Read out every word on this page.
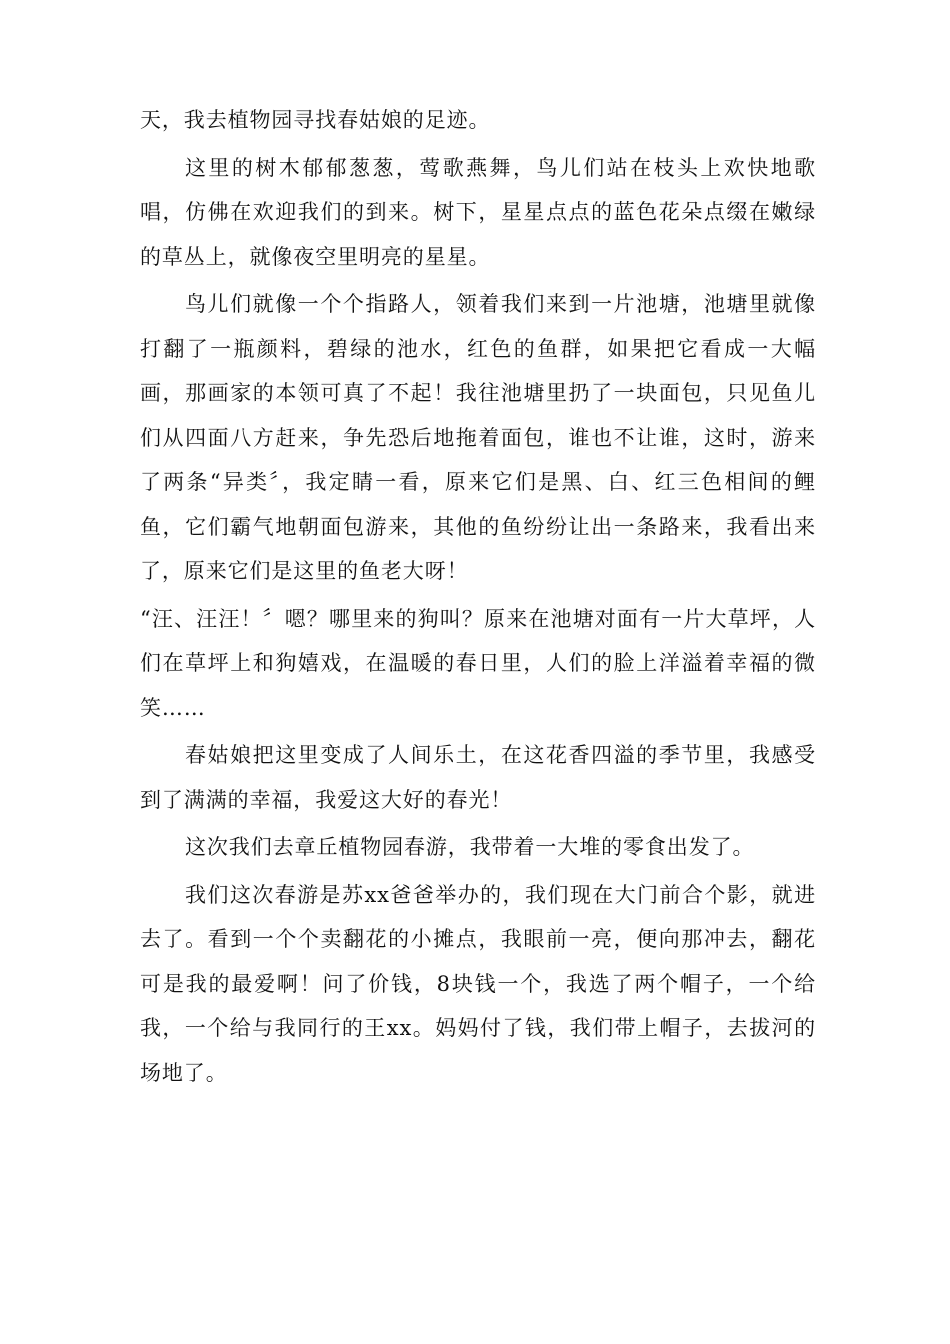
天，我去植物园寻找春姑娘的足迹。

这里的树木郁郁葱葱，莺歌燕舞，鸟儿们站在枝头上欢快地歌唱，仿佛在欢迎我们的到来。树下，星星点点的蓝色花朵点缀在嫩绿的草丛上，就像夜空里明亮的星星。

鸟儿们就像一个个指路人，领着我们来到一片池塘，池塘里就像打翻了一瓶颜料，碧绿的池水，红色的鱼群，如果把它看成一大幅画，那画家的本领可真了不起！我往池塘里扔了一块面包，只见鱼儿们从四面八方赶来，争先恐后地拖着面包，谁也不让谁，这时，游来了两条“异类〞，我定睛一看，原来它们是黑、白、红三色相间的鲤鱼，它们霸气地朝面包游来，其他的鱼纷纷让出一条路来，我看出来了，原来它们是这里的鱼老大呀！

“汪、汪汪！〞嗯？哪里来的狗叫？原来在池塘对面有一片大草坪，人们在草坪上和狗嬉戏，在温暖的春日里，人们的脸上洋溢着幸福的微笑……

春姑娘把这里变成了人间乐土，在这花香四溢的季节里，我感受到了满满的幸福，我爱这大好的春光！

这次我们去章丘植物园春游，我带着一大堆的零食出发了。

我们这次春游是苏xx爸爸举办的，我们现在大门前合个影，就进去了。看到一个个卖翻花的小摊点，我眼前一亮，便向那冲去，翻花可是我的最爱啊！问了价钱，8块钱一个，我选了两个帽子，一个给我，一个给与我同行的王xx。妈妈付了钱，我们带上帽子，去拔河的场地了。
